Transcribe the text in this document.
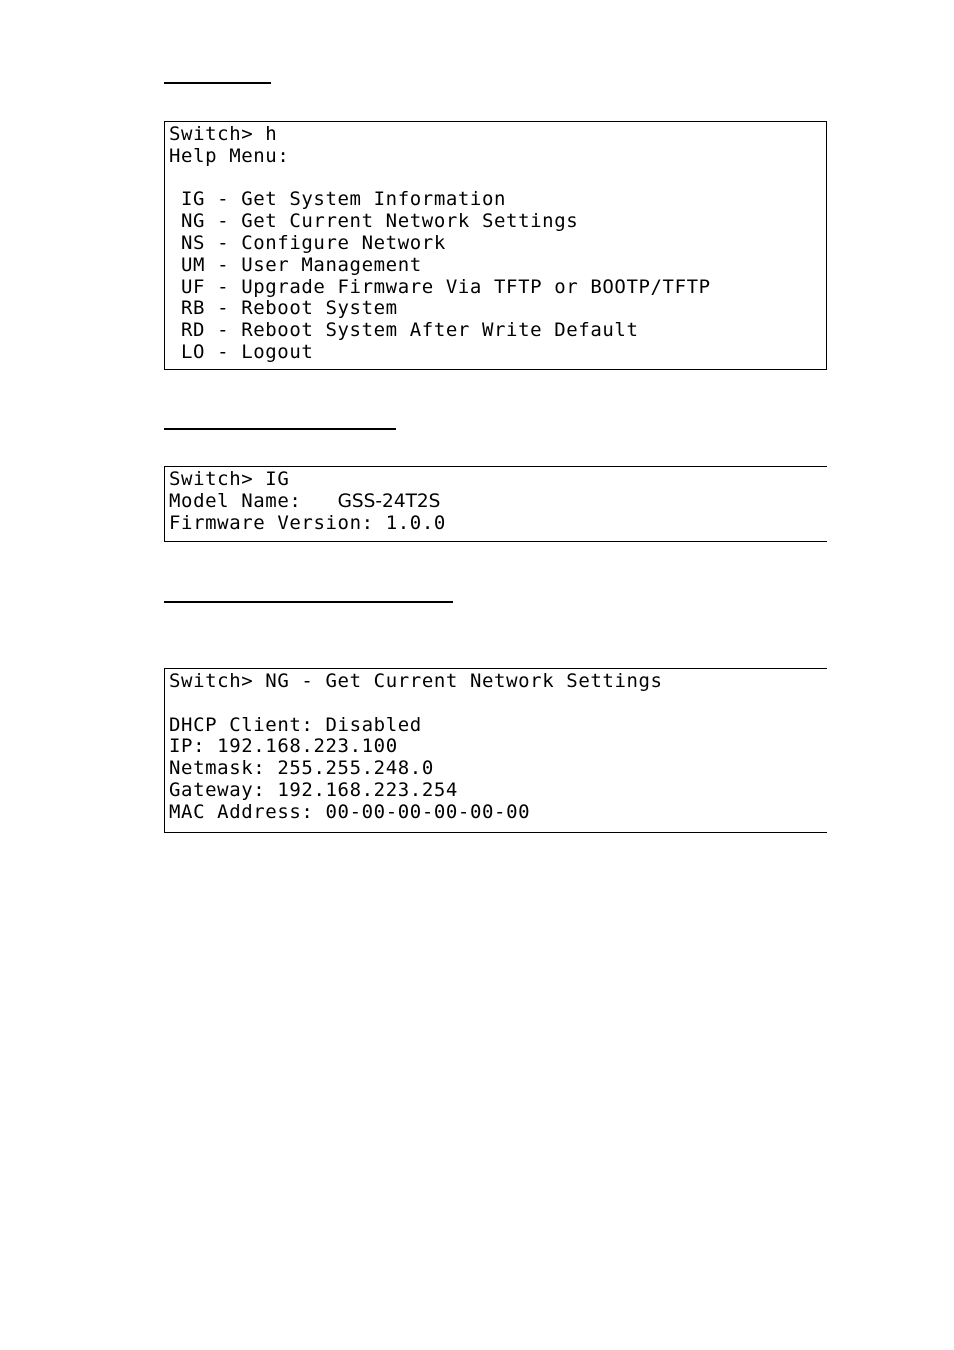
Switch> h
Help Menu:
IG - Get System Information
NG - Get Current Network Settings
NS - Configure Network
UM - User Management
UF - Upgrade Firmware Via TFTP or BOOTP/TFTP
RB - Reboot System
RD - Reboot System After Write Default
LO - Logout
Switch> IG
Model Name: GSS-24T2S
Firmware Version: 1.0.0
Switch> NG - Get Current Network Settings
DHCP Client: Disabled
IP: 192.168.223.100
Netmask: 255.255.248.0
Gateway: 192.168.223.254
MAC Address: 00-00-00-00-00-00
